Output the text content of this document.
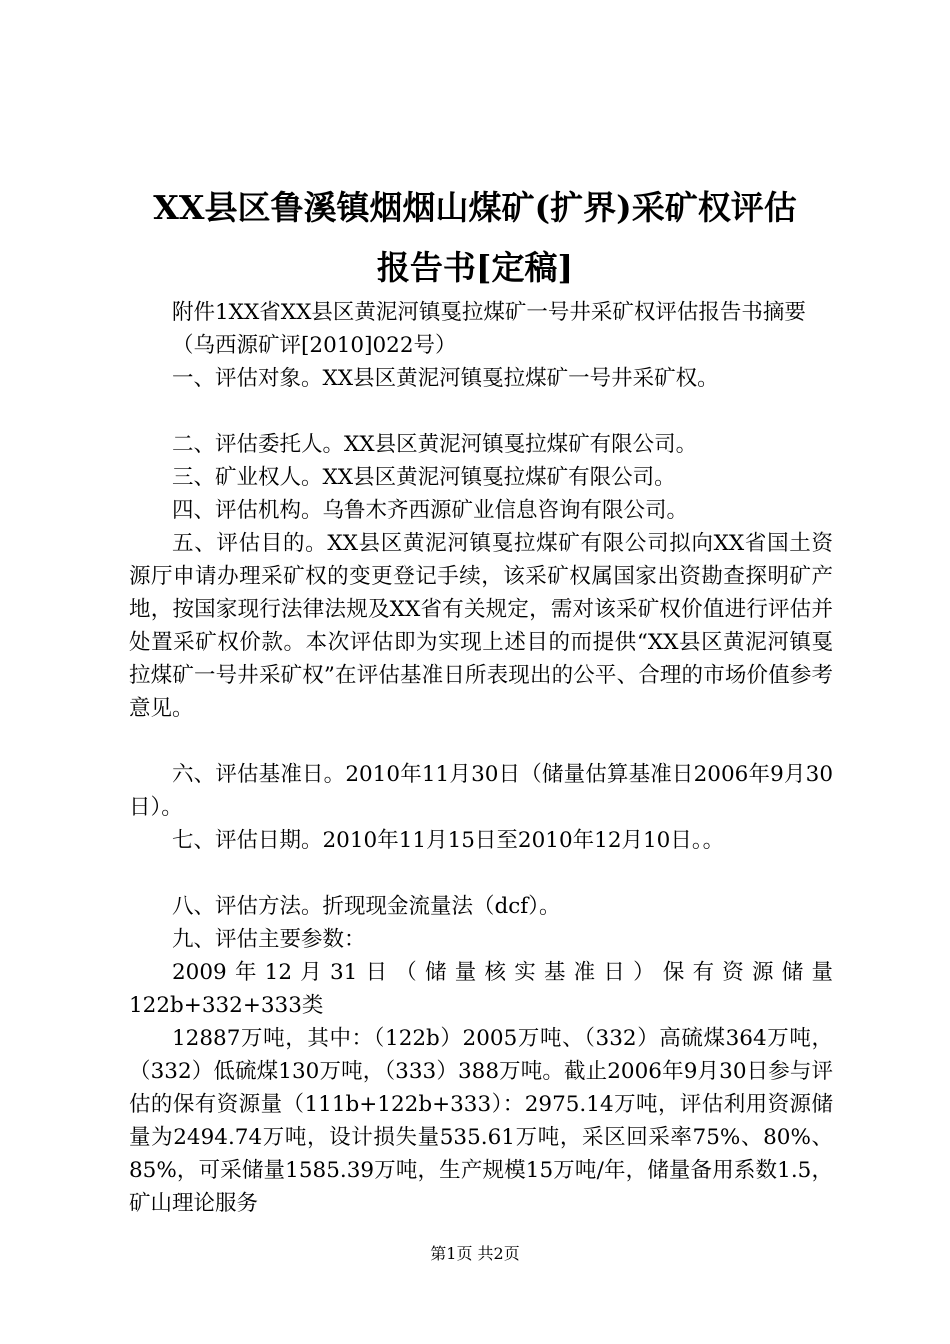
XX县区鲁溪镇烟烟山煤矿(扩界)采矿权评估
报告书[定稿]

附件1XX省XX县区黄泥河镇戛拉煤矿一号井采矿权评估报告书摘要

（乌西源矿评[2010]022号）

一、评估对象。XX县区黄泥河镇戛拉煤矿一号井采矿权。

二、评估委托人。XX县区黄泥河镇戛拉煤矿有限公司。

三、矿业权人。XX县区黄泥河镇戛拉煤矿有限公司。

四、评估机构。乌鲁木齐西源矿业信息咨询有限公司。

五、评估目的。XX县区黄泥河镇戛拉煤矿有限公司拟向XX省国土资源厅申请办理采矿权的变更登记手续，该采矿权属国家出资勘查探明矿产地，按国家现行法律法规及XX省有关规定，需对该采矿权价值进行评估并处置采矿权价款。本次评估即为实现上述目的而提供“XX县区黄泥河镇戛拉煤矿一号井采矿权”在评估基准日所表现出的公平、合理的市场价值参考意见。

六、评估基准日。2010年11月30日（储量估算基准日2006年9月30日）。

七、评估日期。2010年11月15日至2010年12月10日。。

八、评估方法。折现现金流量法（dcf）。

九、评估主要参数：

2009年12月31日（储量核实基准日）保有资源储量122b+332+333类

12887万吨，其中：（122b）2005万吨、（332）高硫煤364万吨，（332）低硫煤130万吨，（333）388万吨。截止2006年9月30日参与评估的保有资源量（111b+122b+333）：2975.14万吨，评估利用资源储量为2494.74万吨，设计损失量535.61万吨，采区回采率75%、80%、85%，可采储量1585.39万吨，生产规模15万吨/年，储量备用系数1.5，矿山理论服务

第1页 共2页
